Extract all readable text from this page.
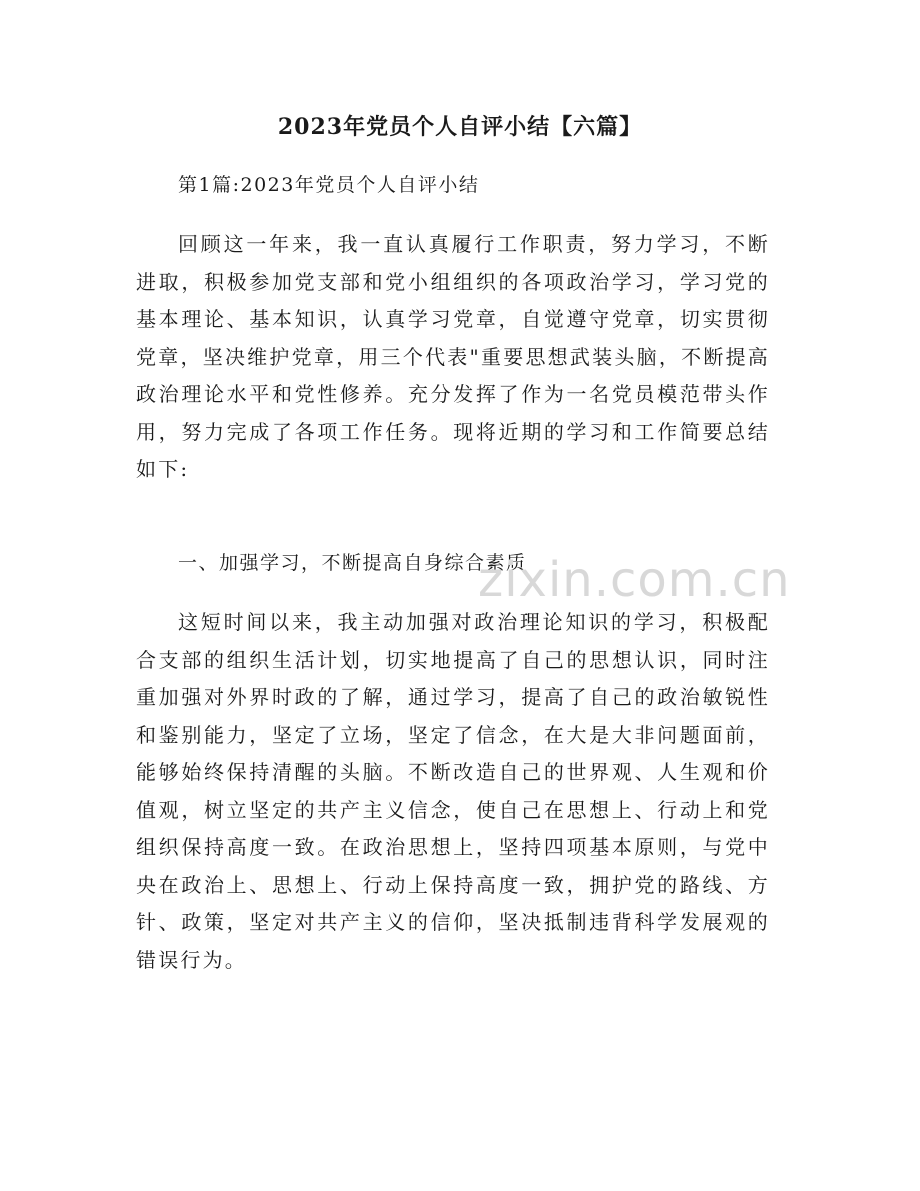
2023年党员个人自评小结【六篇】
第1篇:2023年党员个人自评小结
回顾这一年来，我一直认真履行工作职责，努力学习，不断进取，积极参加党支部和党小组组织的各项政治学习，学习党的基本理论、基本知识，认真学习党章，自觉遵守党章，切实贯彻党章，坚决维护党章，用三个代表"重要思想武装头脑，不断提高政治理论水平和党性修养。充分发挥了作为一名党员模范带头作用，努力完成了各项工作任务。现将近期的学习和工作简要总结如下:
一、加强学习，不断提高自身综合素质
这短时间以来，我主动加强对政治理论知识的学习，积极配合支部的组织生活计划，切实地提高了自己的思想认识，同时注重加强对外界时政的了解，通过学习，提高了自己的政治敏锐性和鉴别能力，坚定了立场，坚定了信念，在大是大非问题面前，能够始终保持清醒的头脑。不断改造自己的世界观、人生观和价值观，树立坚定的共产主义信念，使自己在思想上、行动上和党组织保持高度一致。在政治思想上，坚持四项基本原则，与党中央在政治上、思想上、行动上保持高度一致，拥护党的路线、方针、政策，坚定对共产主义的信仰，坚决抵制违背科学发展观的错误行为。
zixin.com.cn
